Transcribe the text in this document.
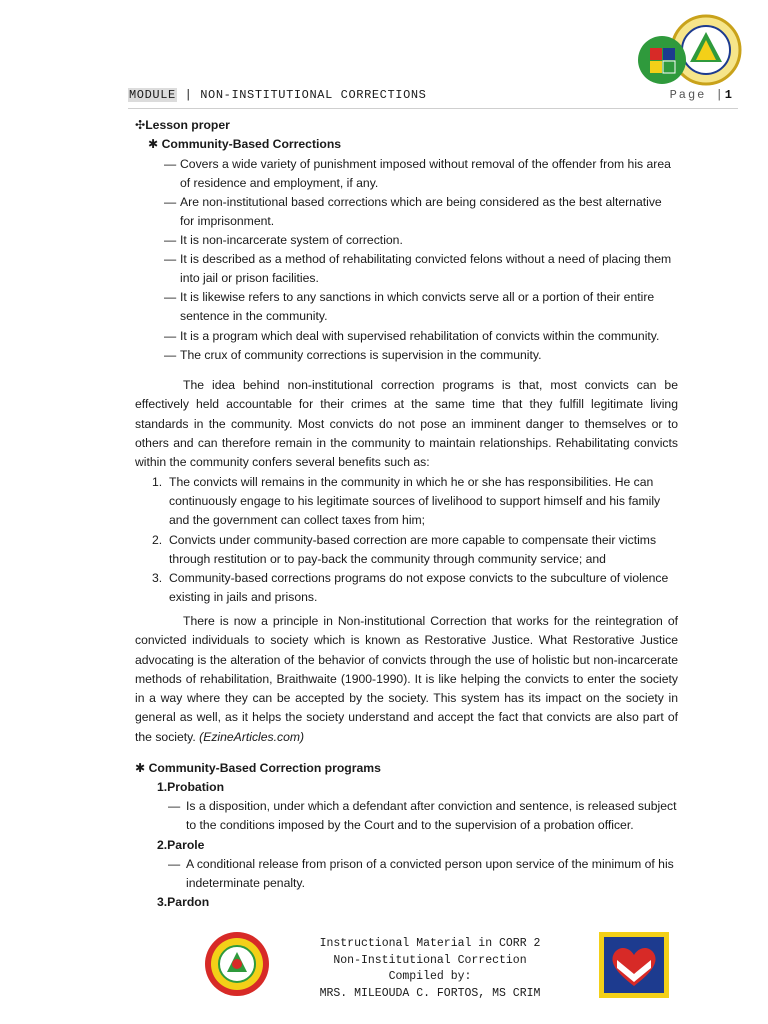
MODULE | NON-INSTITUTIONAL CORRECTIONS	Page |1
✣Lesson proper
✱ Community-Based Corrections
— Covers a wide variety of punishment imposed without removal of the offender from his area
of residence and employment, if any.
— Are non-institutional based corrections which are being considered as the best alternative
for imprisonment.
— It is non-incarcerate system of correction.
— It is described as a method of rehabilitating convicted felons without a need of placing them
into jail or prison facilities.
— It is likewise refers to any sanctions in which convicts serve all or a portion of their entire
sentence in the community.
— It is a program which deal with supervised rehabilitation of convicts within the community.
— The crux of community corrections is supervision in the community.
The idea behind non-institutional correction programs is that, most convicts can be effectively held accountable for their crimes at the same time that they fulfill legitimate living standards in the community. Most convicts do not pose an imminent danger to themselves or to others and can therefore remain in the community to maintain relationships. Rehabilitating convicts within the community confers several benefits such as:
1. The convicts will remains in the community in which he or she has responsibilities. He can
continuously engage to his legitimate sources of livelihood to support himself and his family
and the government can collect taxes from him;
2. Convicts under community-based correction are more capable to compensate their victims
through restitution or to pay-back the community through community service; and
3. Community-based corrections programs do not expose convicts to the subculture of violence
existing in jails and prisons.
There is now a principle in Non-institutional Correction that works for the reintegration of convicted individuals to society which is known as Restorative Justice. What Restorative Justice advocating is the alteration of the behavior of convicts through the use of holistic but non-incarcerate methods of rehabilitation, Braithwaite (1900-1990). It is like helping the convicts to enter the society in a way where they can be accepted by the society. This system has its impact on the society in general as well, as it helps the society understand and accept the fact that convicts are also part of the society. (EzineArticles.com)
✱ Community-Based Correction programs
1.Probation
— Is a disposition, under which a defendant after conviction and sentence, is released subject
to the conditions imposed by the Court and to the supervision of a probation officer.
2.Parole
— A conditional release from prison of a convicted person upon service of the minimum of his
indeterminate penalty.
3.Pardon
Instructional Material in CORR 2
Non-Institutional Correction
Compiled by:
MRS. MILEOUDA C. FORTOS, MS CRIM
